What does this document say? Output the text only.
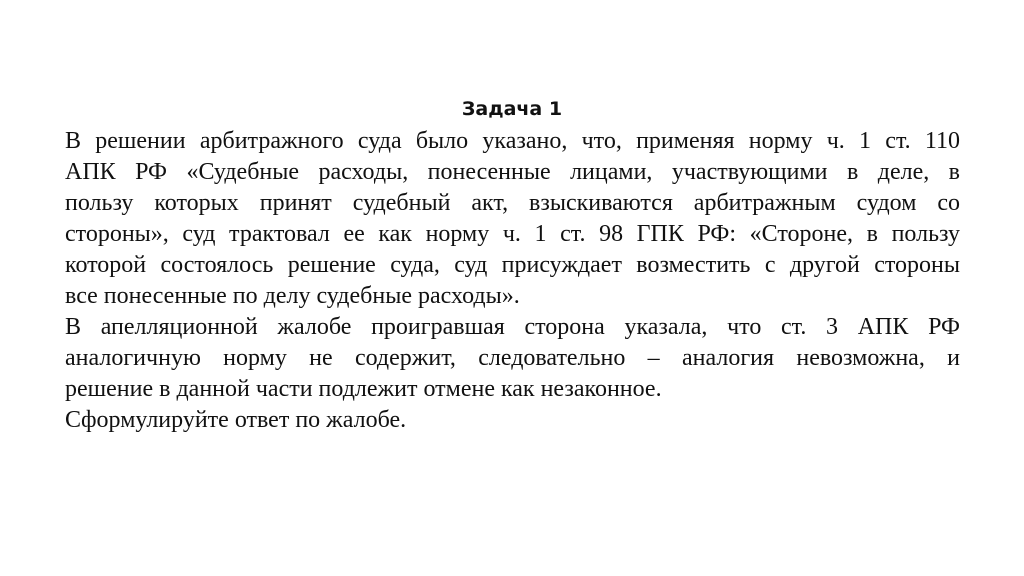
Задача 1
В решении арбитражного суда было указано, что, применяя норму ч. 1 ст. 110
АПК РФ «Судебные расходы, понесенные лицами, участвующими в деле, в
пользу которых принят судебный акт, взыскиваются арбитражным судом со
стороны», суд трактовал ее как норму ч. 1 ст. 98 ГПК РФ: «Стороне, в пользу
которой состоялось решение суда, суд присуждает возместить с другой стороны
все понесенные по делу судебные расходы».
В апелляционной жалобе проигравшая сторона указала, что ст. 3 АПК РФ
аналогичную норму не содержит, следовательно – аналогия невозможна, и
решение в данной части подлежит отмене как незаконное.
Сформулируйте ответ по жалобе.
